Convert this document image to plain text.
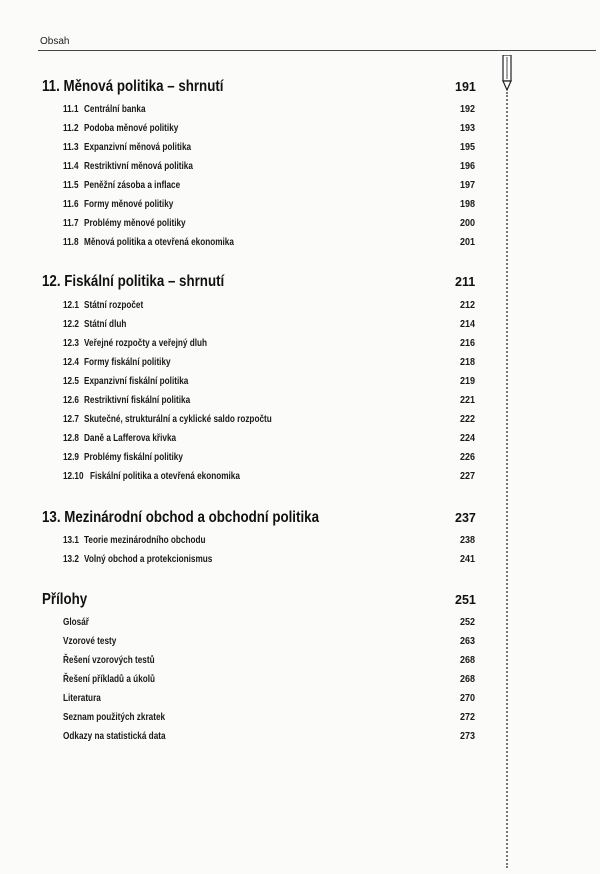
Obsah
11. Měnová politika – shrnutí	191
11.1 Centrální banka	192
11.2 Podoba měnové politiky	193
11.3 Expanzivní měnová politika	195
11.4 Restriktivní měnová politika	196
11.5 Peněžní zásoba a inflace	197
11.6 Formy měnové politiky	198
11.7 Problémy měnové politiky	200
11.8 Měnová politika a otevřená ekonomika	201
12. Fiskální politika – shrnutí	211
12.1 Státní rozpočet	212
12.2 Státní dluh	214
12.3 Veřejné rozpočty a veřejný dluh	216
12.4 Formy fiskální politiky	218
12.5 Expanzivní fiskální politika	219
12.6 Restriktivní fiskální politika	221
12.7 Skutečné, strukturální a cyklické saldo rozpočtu	222
12.8 Daně a Lafferova křivka	224
12.9 Problémy fiskální politiky	226
12.10 Fiskální politika a otevřená ekonomika	227
13. Mezinárodní obchod a obchodní politika	237
13.1 Teorie mezinárodního obchodu	238
13.2 Volný obchod a protekcionismus	241
Přílohy	251
Glosář	252
Vzorové testy	263
Řešení vzorových testů	268
Řešení příkladů a úkolů	268
Literatura	270
Seznam použitých zkratek	272
Odkazy na statistická data	273
